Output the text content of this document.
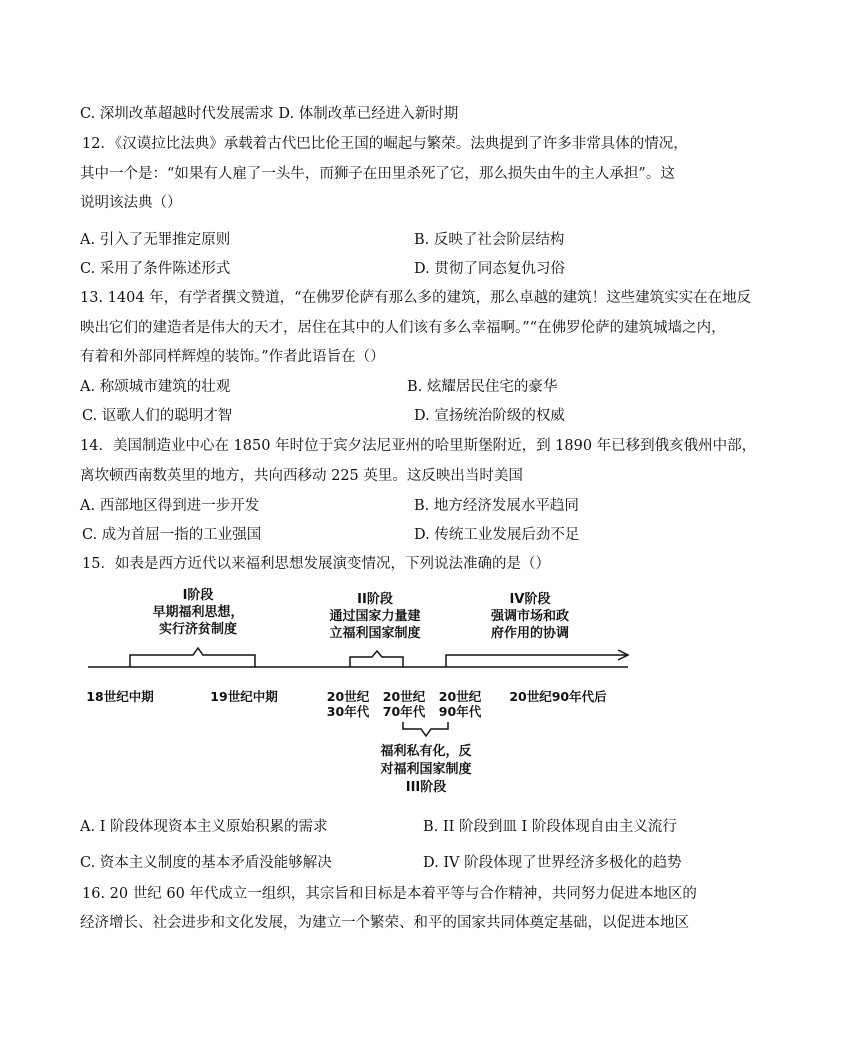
C. 深圳改革超越时代发展需求 D. 体制改革已经进入新时期
12．《汉谟拉比法典》承载着古代巴比伦王国的崛起与繁荣。法典提到了许多非常具体的情况，
其中一个是：“如果有人雇了一头牛，而狮子在田里杀死了它，那么损失由牛的主人承担”。这
说明该法典（）
A. 引入了无罪推定原则	B. 反映了社会阶层结构
C. 采用了条件陈述形式	D. 贯彻了同态复仇习俗
13. 1404 年，有学者撰文赞道，“在佛罗伦萨有那么多的建筑，那么卓越的建筑！这些建筑实实在在地反
映出它们的建造者是伟大的天才，居住在其中的人们该有多么幸福啊。”“在佛罗伦萨的建筑城墙之内，
有着和外部同样辉煌的装饰。”作者此语旨在（）
A. 称颂城市建筑的壮观	B. 炫耀居民住宅的豪华
C. 讴歌人们的聪明才智	D. 宣扬统治阶级的权威
14．美国制造业中心在 1850 年时位于宾夕法尼亚州的哈里斯堡附近，到 1890 年已移到俄亥俄州中部，
离坎顿西南数英里的地方，共向西移动 225 英里。这反映出当时美国
A. 西部地区得到进一步开发	B. 地方经济发展水平趋同
C. 成为首屈一指的工业强国	D. 传统工业发展后劲不足
15．如表是西方近代以来福利思想发展演变情况，下列说法准确的是（）
I阶段
早期福利思想，
实行济贫制度
II阶段
通过国家力量建
立福利国家制度
IV阶段
强调市场和政
府作用的协调
18世纪中期	19世纪中期	20世纪
30年代
20世纪
70年代
20世纪
90年代
20世纪90年代后
福利私有化，反
对福利国家制度
III阶段
A. I 阶段体现资本主义原始积累的需求	B. II 阶段到皿 I 阶段体现自由主义流行
C. 资本主义制度的基本矛盾没能够解决	D. IV 阶段体现了世界经济多极化的趋势
16. 20 世纪 60 年代成立一组织，其宗旨和目标是本着平等与合作精神，共同努力促进本地区的
经济增长、社会进步和文化发展，为建立一个繁荣、和平的国家共同体奠定基础，以促进本地区
